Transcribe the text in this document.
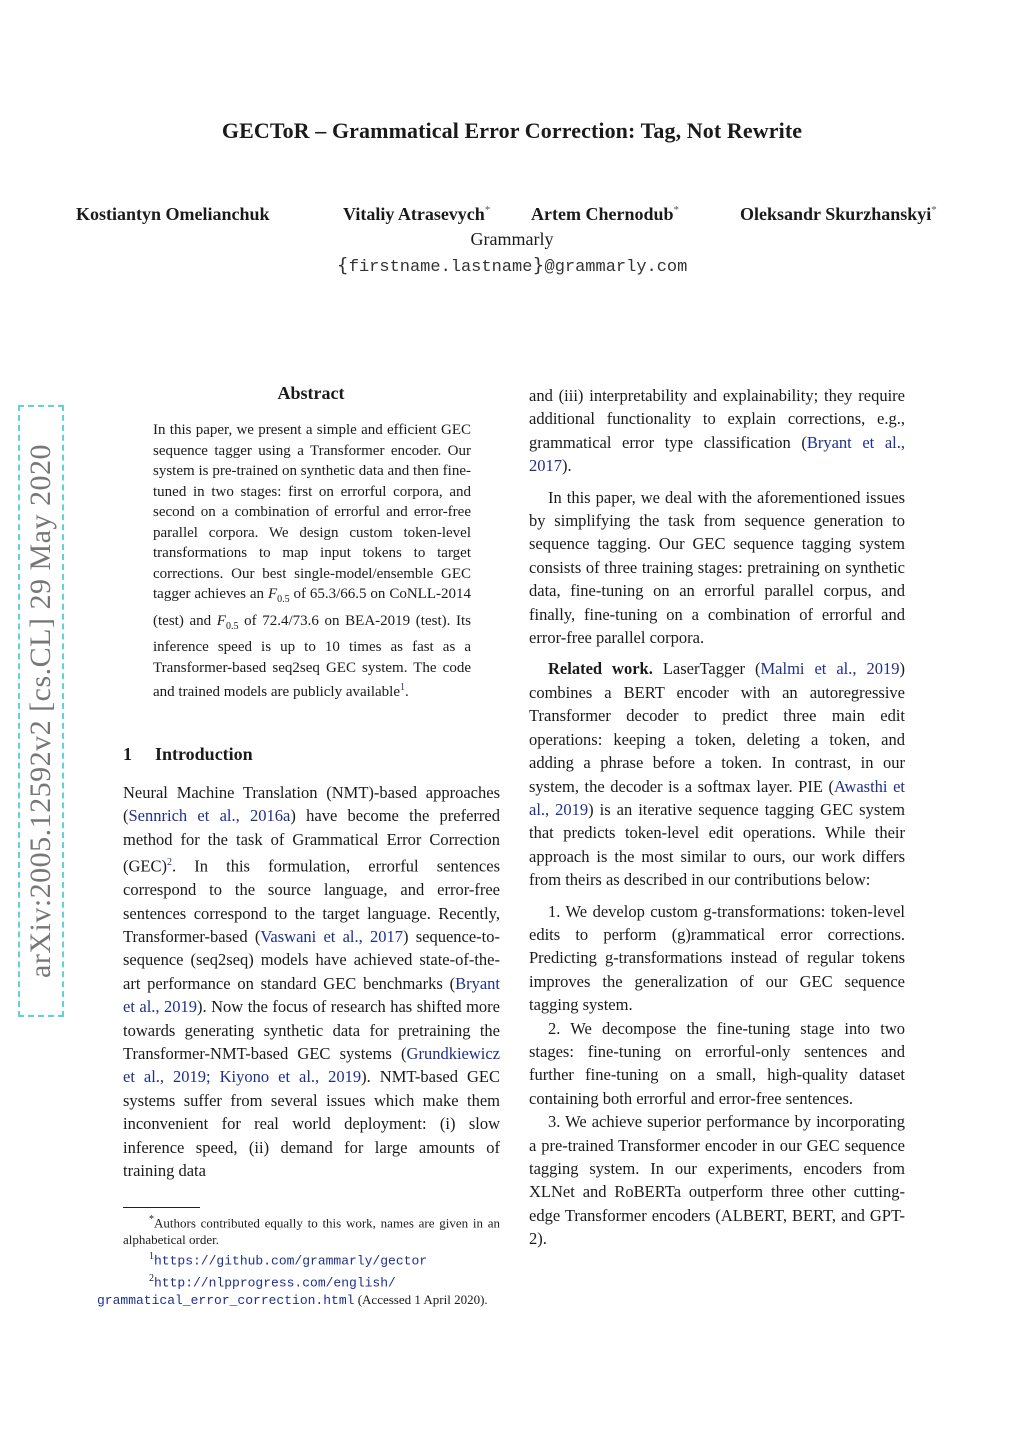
GECToR – Grammatical Error Correction: Tag, Not Rewrite
Kostiantyn Omelianchuk	Vitaliy Atrasevych* Artem Chernodub*	Oleksandr Skurzhanskyi*
Grammarly
{firstname.lastname}@grammarly.com
arXiv:2005.12592v2 [cs.CL] 29 May 2020
Abstract
In this paper, we present a simple and efficient GEC sequence tagger using a Transformer encoder. Our system is pre-trained on synthetic data and then fine-tuned in two stages: first on errorful corpora, and second on a combination of errorful and error-free parallel corpora. We design custom token-level transformations to map input tokens to target corrections. Our best single-model/ensemble GEC tagger achieves an $F_{0.5}$ of 65.3/66.5 on CoNLL-2014 (test) and $F_{0.5}$ of 72.4/73.6 on BEA-2019 (test). Its inference speed is up to 10 times as fast as a Transformer-based seq2seq GEC system. The code and trained models are publicly available$^1$.
1 Introduction

Neural Machine Translation (NMT)-based approaches (Sennrich et al., 2016a) have become the preferred method for the task of Grammatical Error Correction (GEC)$^2$. In this formulation, errorful sentences correspond to the source language, and error-free sentences correspond to the target language. Recently, Transformer-based (Vaswani et al., 2017) sequence-to-sequence (seq2seq) models have achieved state-of-the-art performance on standard GEC benchmarks (Bryant et al., 2019). Now the focus of research has shifted more towards generating synthetic data for pretraining the Transformer-NMT-based GEC systems (Grundkiewicz et al., 2019; Kiyono et al., 2019). NMT-based GEC systems suffer from several issues which make them inconvenient for real world deployment: (i) slow inference speed, (ii) demand for large amounts of training data

*Authors contributed equally to this work, names are given in an alphabetical order.

$^1$https://github.com/grammarly/gector

$^2$http://nlpprogress.com/english/
grammatical_error_correction.html (Accessed 1 April 2020).

and (iii) interpretability and explainability; they require additional functionality to explain corrections, e.g., grammatical error type classification (Bryant et al., 2017).

In this paper, we deal with the aforementioned issues by simplifying the task from sequence generation to sequence tagging. Our GEC sequence tagging system consists of three training stages: pretraining on synthetic data, fine-tuning on an errorful parallel corpus, and finally, fine-tuning on a combination of errorful and error-free parallel corpora.

Related work. LaserTagger (Malmi et al., 2019) combines a BERT encoder with an autoregressive Transformer decoder to predict three main edit operations: keeping a token, deleting a token, and adding a phrase before a token. In contrast, in our system, the decoder is a softmax layer. PIE (Awasthi et al., 2019) is an iterative sequence tagging GEC system that predicts token-level edit operations. While their approach is the most similar to ours, our work differs from theirs as described in our contributions below:

1. We develop custom g-transformations: token-level edits to perform (g)rammatical error corrections. Predicting g-transformations instead of regular tokens improves the generalization of our GEC sequence tagging system.

2. We decompose the fine-tuning stage into two stages: fine-tuning on errorful-only sentences and further fine-tuning on a small, high-quality dataset containing both errorful and error-free sentences.

3. We achieve superior performance by incorporating a pre-trained Transformer encoder in our GEC sequence tagging system. In our experiments, encoders from XLNet and RoBERTa outperform three other cutting-edge Transformer encoders (ALBERT, BERT, and GPT-2).
